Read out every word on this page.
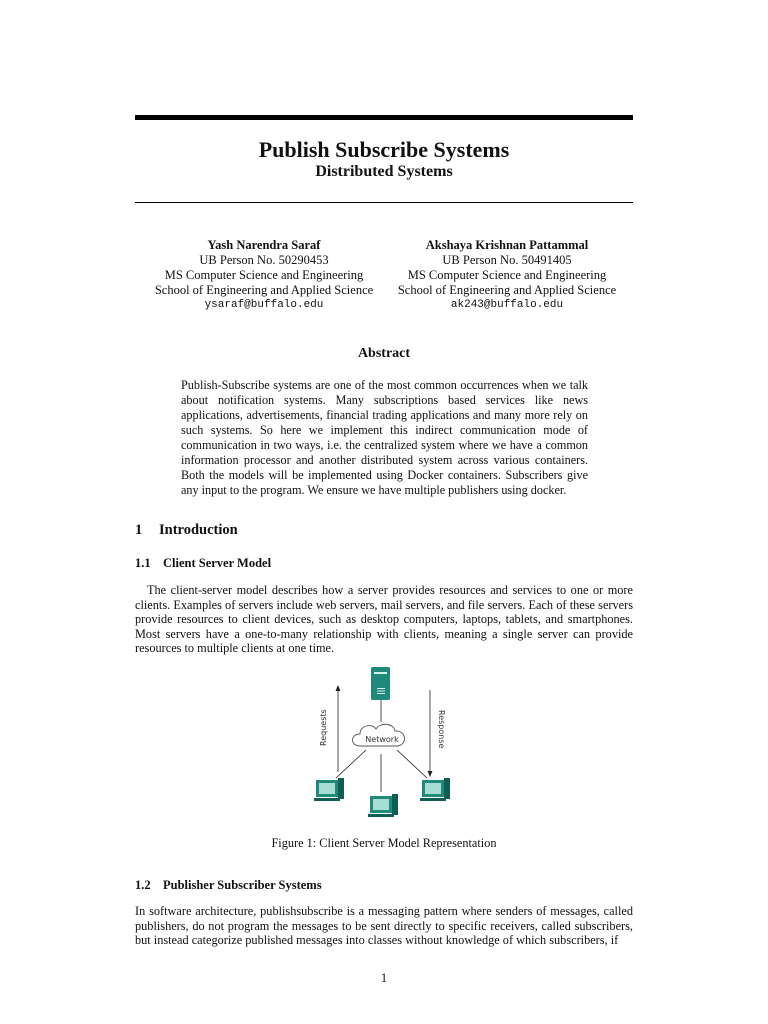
Publish Subscribe Systems
Distributed Systems
Yash Narendra Saraf
UB Person No. 50290453
MS Computer Science and Engineering
School of Engineering and Applied Science
ysaraf@buffalo.edu
Akshaya Krishnan Pattammal
UB Person No. 50491405
MS Computer Science and Engineering
School of Engineering and Applied Science
ak243@buffalo.edu
Abstract
Publish-Subscribe systems are one of the most common occurrences when we talk about notification systems. Many subscriptions based services like news applications, advertisements, financial trading applications and many more rely on such systems. So here we implement this indirect communication mode of communication in two ways, i.e. the centralized system where we have a common information processor and another distributed system across various containers. Both the models will be implemented using Docker containers. Subscribers give any input to the program. We ensure we have multiple publishers using docker.
1 Introduction
1.1 Client Server Model
The client-server model describes how a server provides resources and services to one or more clients. Examples of servers include web servers, mail servers, and file servers. Each of these servers provide resources to client devices, such as desktop computers, laptops, tablets, and smartphones. Most servers have a one-to-many relationship with clients, meaning a single server can provide resources to multiple clients at one time.
Network
Requests	Response
Figure 1: Client Server Model Representation
1.2 Publisher Subscriber Systems
In software architecture, publishsubscribe is a messaging pattern where senders of messages, called publishers, do not program the messages to be sent directly to specific receivers, called subscribers, but instead categorize published messages into classes without knowledge of which subscribers, if
1
